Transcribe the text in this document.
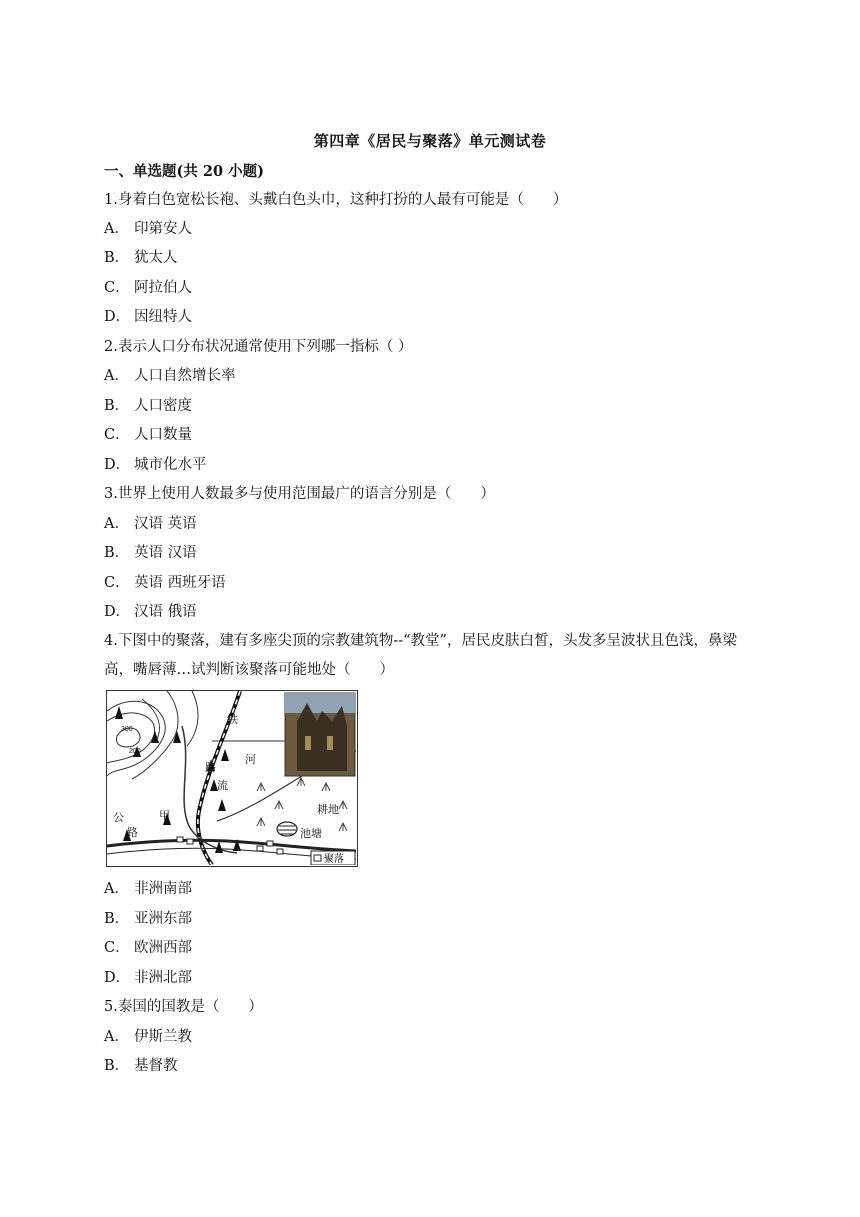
第四章《居民与聚落》单元测试卷
一、单选题(共 20 小题)
1.身着白色宽松长袍、头戴白色头巾，这种打扮的人最有可能是（　　）
A． 印第安人
B． 犹太人
C． 阿拉伯人
D． 因纽特人
2.表示人口分布状况通常使用下列哪一指标（ ）
A． 人口自然增长率
B． 人口密度
C． 人口数量
D． 城市化水平
3.世界上使用人数最多与使用范围最广的语言分别是（　　）
A． 汉语 英语
B． 英语 汉语
C． 英语 西班牙语
D． 汉语 俄语
4.下图中的聚落，建有多座尖顶的宗教建筑物--“教堂”，居民皮肤白皙，头发多呈波状且色浅，鼻梁高，嘴唇薄…试判断该聚落可能地处（　　）
聚落
铁
路
河
流
耕地
池塘
公
路
甲
300
200
A． 非洲南部
B． 亚洲东部
C． 欧洲西部
D． 非洲北部
5.泰国的国教是（　　）
A． 伊斯兰教
B． 基督教
